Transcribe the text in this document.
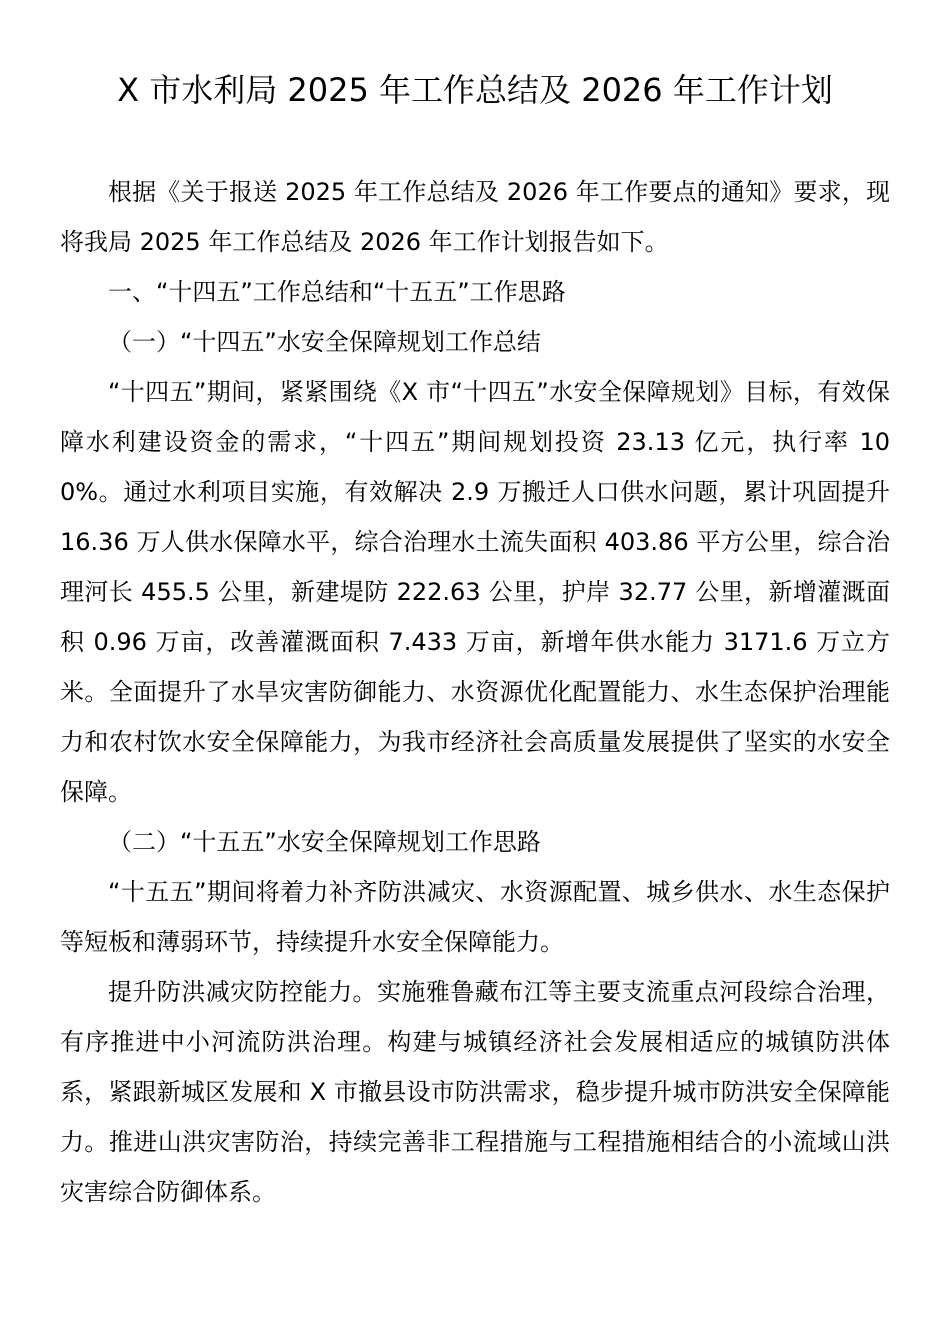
X 市水利局 2025 年工作总结及 2026 年工作计划

根据《关于报送 2025 年工作总结及 2026 年工作要点的通知》要求，现将我局 2025 年工作总结及 2026 年工作计划报告如下。

一、“十四五”工作总结和“十五五”工作思路

（一）“十四五”水安全保障规划工作总结

“十四五”期间，紧紧围绕《X 市“十四五”水安全保障规划》目标，有效保障水利建设资金的需求，“十四五”期间规划投资 23.13 亿元，执行率 100%。通过水利项目实施，有效解决 2.9 万搬迁人口供水问题，累计巩固提升 16.36 万人供水保障水平，综合治理水土流失面积 403.86 平方公里，综合治理河长 455.5 公里，新建堤防 222.63 公里，护岸 32.77 公里，新增灌溉面积 0.96 万亩，改善灌溉面积 7.433 万亩，新增年供水能力 3171.6 万立方米。全面提升了水旱灾害防御能力、水资源优化配置能力、水生态保护治理能力和农村饮水安全保障能力，为我市经济社会高质量发展提供了坚实的水安全保障。

（二）“十五五”水安全保障规划工作思路

“十五五”期间将着力补齐防洪减灾、水资源配置、城乡供水、水生态保护等短板和薄弱环节，持续提升水安全保障能力。

提升防洪减灾防控能力。实施雅鲁藏布江等主要支流重点河段综合治理，有序推进中小河流防洪治理。构建与城镇经济社会发展相适应的城镇防洪体系，紧跟新城区发展和 X 市撤县设市防洪需求，稳步提升城市防洪安全保障能力。推进山洪灾害防治，持续完善非工程措施与工程措施相结合的小流域山洪灾害综合防御体系。
